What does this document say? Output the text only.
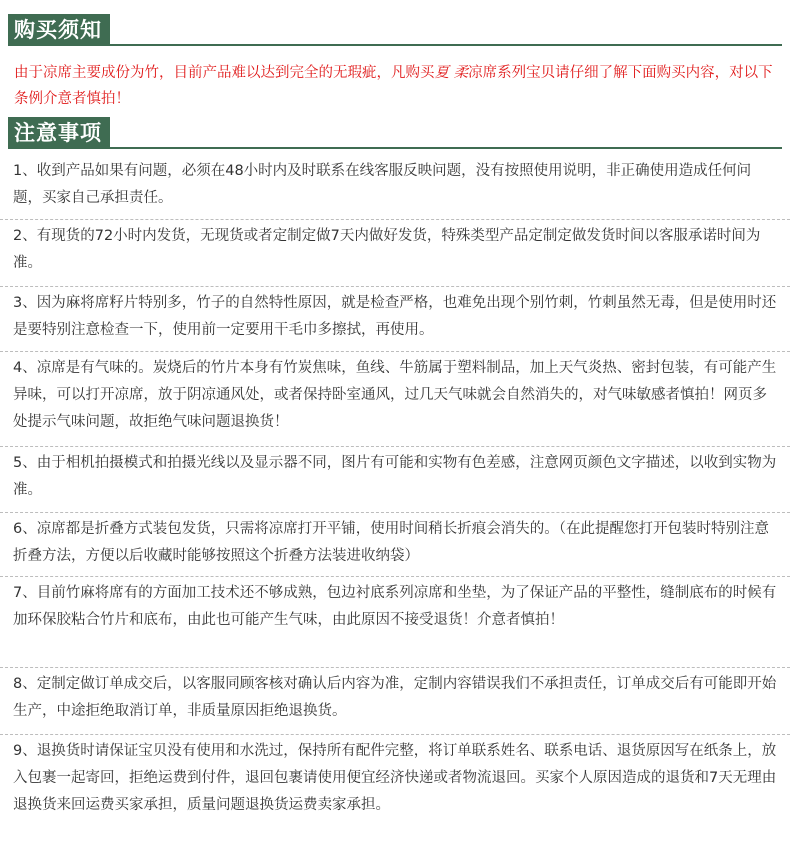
购买须知

由于凉席主要成份为竹，目前产品难以达到完全的无瑕疵，凡购买夏 柔凉席系列宝贝请仔细了解下面购买内容，对以下条例介意者慎拍！

注意事项
1、收到产品如果有问题，必须在48小时内及时联系在线客服反映问题，没有按照使用说明，非正确使用造成任何问题，买家自己承担责任。
2、有现货的72小时内发货，无现货或者定制定做7天内做好发货，特殊类型产品定制定做发货时间以客服承诺时间为准。
3、因为麻将席籽片特别多，竹子的自然特性原因，就是检查严格，也难免出现个别竹刺，竹刺虽然无毒，但是使用时还是要特别注意检查一下，使用前一定要用干毛巾多擦拭，再使用。
4、凉席是有气味的。炭烧后的竹片本身有竹炭焦味，鱼线、牛筋属于塑料制品，加上天气炎热、密封包装，有可能产生异味，可以打开凉席，放于阴凉通风处，或者保持卧室通风，过几天气味就会自然消失的，对气味敏感者慎拍！网页多处提示气味问题，故拒绝气味问题退换货！
5、由于相机拍摄模式和拍摄光线以及显示器不同，图片有可能和实物有色差感，注意网页颜色文字描述，以收到实物为准。
6、凉席都是折叠方式装包发货，只需将凉席打开平铺，使用时间稍长折痕会消失的。（在此提醒您打开包装时特别注意折叠方法，方便以后收藏时能够按照这个折叠方法装进收纳袋）
7、目前竹麻将席有的方面加工技术还不够成熟，包边衬底系列凉席和坐垫，为了保证产品的平整性，缝制底布的时候有加环保胶粘合竹片和底布，由此也可能产生气味，由此原因不接受退货！介意者慎拍！
8、定制定做订单成交后，以客服同顾客核对确认后内容为准，定制内容错误我们不承担责任，订单成交后有可能即开始生产，中途拒绝取消订单，非质量原因拒绝退换货。
9、退换货时请保证宝贝没有使用和水洗过，保持所有配件完整，将订单联系姓名、联系电话、退货原因写在纸条上，放入包裹一起寄回，拒绝运费到付件，退回包裹请使用便宜经济快递或者物流退回。买家个人原因造成的退货和7天无理由退换货来回运费买家承担，质量问题退换货运费卖家承担。
